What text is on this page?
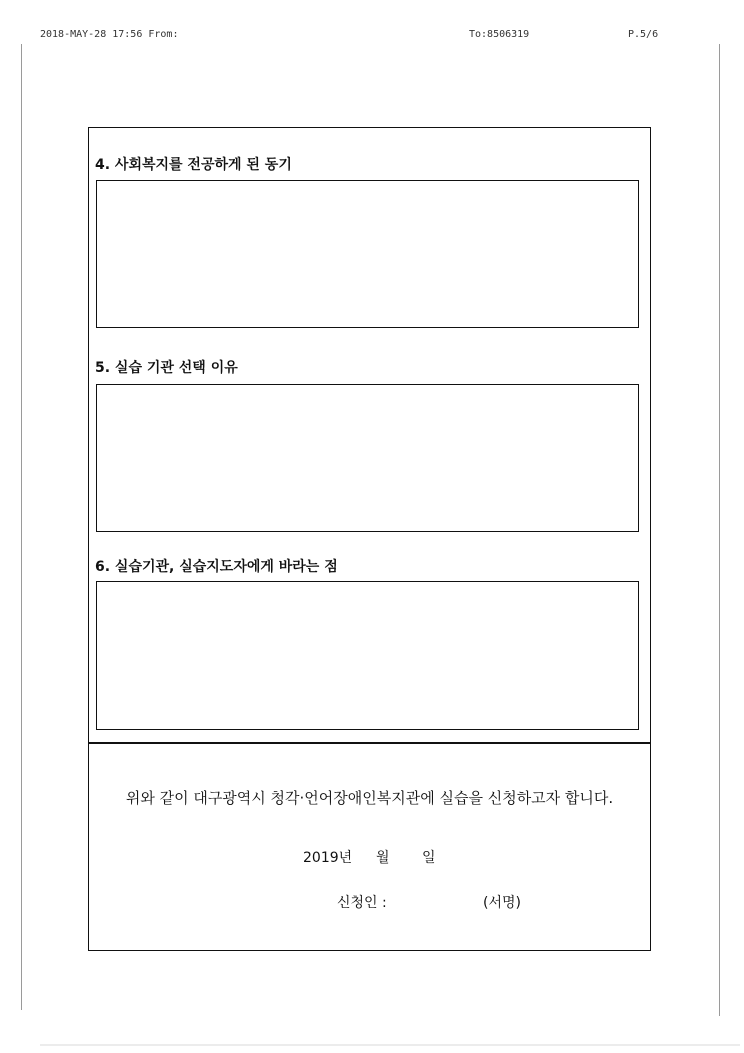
2018-MAY-28 17:56 From:	To:8506319	P.5/6
4. 사회복지를 전공하게 된 동기
5. 실습 기관 선택 이유
6. 실습기관, 실습지도자에게 바라는 점
위와 같이 대구광역시 청각·언어장애인복지관에 실습을 신청하고자 합니다.
2019년 월 일
신청인 :	(서명)
